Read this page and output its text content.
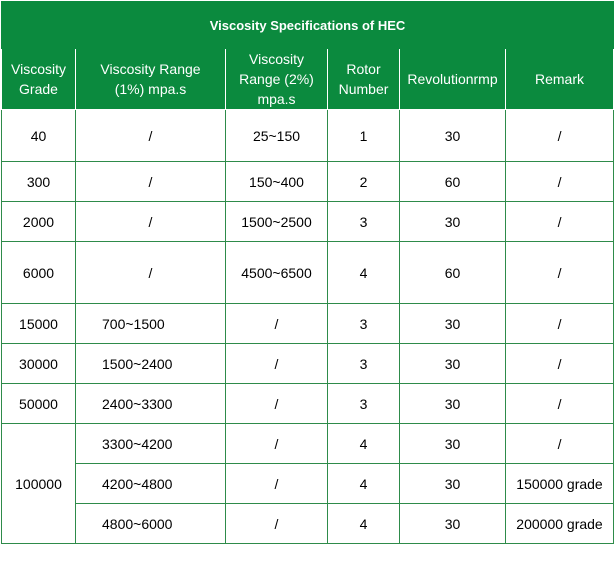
Viscosity Specifications of HEC					
Viscosity Grade	Viscosity Range (1%) mpa.s	Viscosity Range (2%) mpa.s	Rotor Number	Revolutionrmp	Remark
40	/	25~150	1	30	/
300	/	150~400	2	60	/
2000	/	1500~2500	3	30	/
6000	/	4500~6500	4	60	/
15000	700~1500	/	3	30	/
30000	1500~2400	/	3	30	/
50000	2400~3300	/	3	30	/
100000	3300~4200	/	4	30	/
	4200~4800	/	4	30	150000 grade
	4800~6000	/	4	30	200000 grade
